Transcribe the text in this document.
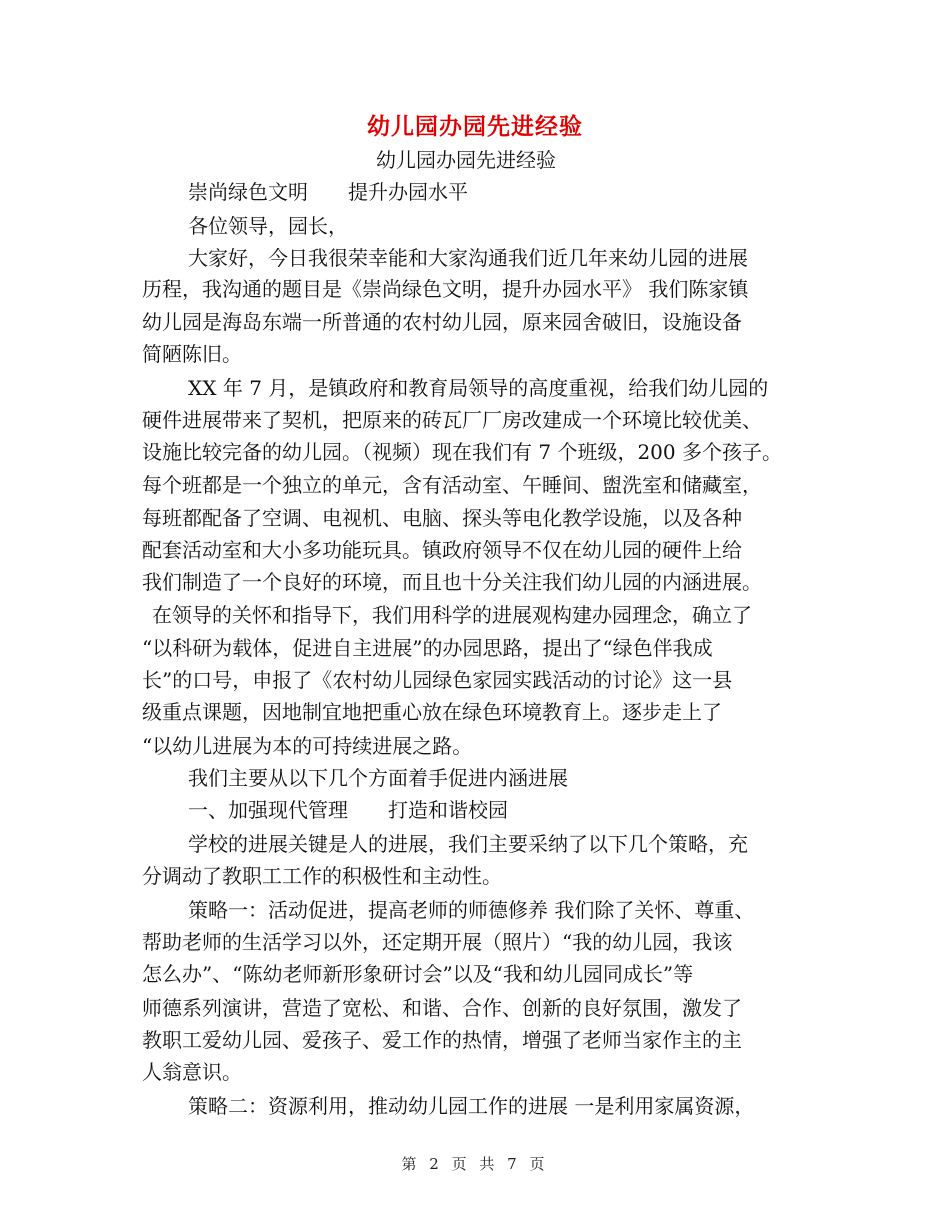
幼儿园办园先进经验
幼儿园办园先进经验
崇尚绿色文明　　提升办园水平
各位领导，园长，
大家好，今日我很荣幸能和大家沟通我们近几年来幼儿园的进展
历程，我沟通的题目是《崇尚绿色文明，提升办园水平》 我们陈家镇
幼儿园是海岛东端一所普通的农村幼儿园，原来园舍破旧，设施设备
简陋陈旧。
XX 年 7 月，是镇政府和教育局领导的高度重视，给我们幼儿园的
硬件进展带来了契机，把原来的砖瓦厂厂房改建成一个环境比较优美、
设施比较完备的幼儿园。（视频）现在我们有 7 个班级，200 多个孩子。
每个班都是一个独立的单元，含有活动室、午睡间、盥洗室和储藏室，
每班都配备了空调、电视机、电脑、探头等电化教学设施，以及各种
配套活动室和大小多功能玩具。镇政府领导不仅在幼儿园的硬件上给
我们制造了一个良好的环境，而且也十分关注我们幼儿园的内涵进展。
在领导的关怀和指导下，我们用科学的进展观构建办园理念，确立了
“以科研为载体，促进自主进展”的办园思路，提出了“绿色伴我成
长”的口号，申报了《农村幼儿园绿色家园实践活动的讨论》这一县
级重点课题，因地制宜地把重心放在绿色环境教育上。逐步走上了
“以幼儿进展为本的可持续进展之路。
我们主要从以下几个方面着手促进内涵进展
一、加强现代管理　　打造和谐校园
学校的进展关键是人的进展，我们主要采纳了以下几个策略，充
分调动了教职工工作的积极性和主动性。
策略一：活动促进，提高老师的师德修养 我们除了关怀、尊重、
帮助老师的生活学习以外，还定期开展（照片）“我的幼儿园，我该
怎么办”、“陈幼老师新形象研讨会”以及“我和幼儿园同成长”等
师德系列演讲，营造了宽松、和谐、合作、创新的良好氛围，激发了
教职工爱幼儿园、爱孩子、爱工作的热情，增强了老师当家作主的主
人翁意识。
策略二：资源利用，推动幼儿园工作的进展 一是利用家属资源，
第 2 页 共 7 页
